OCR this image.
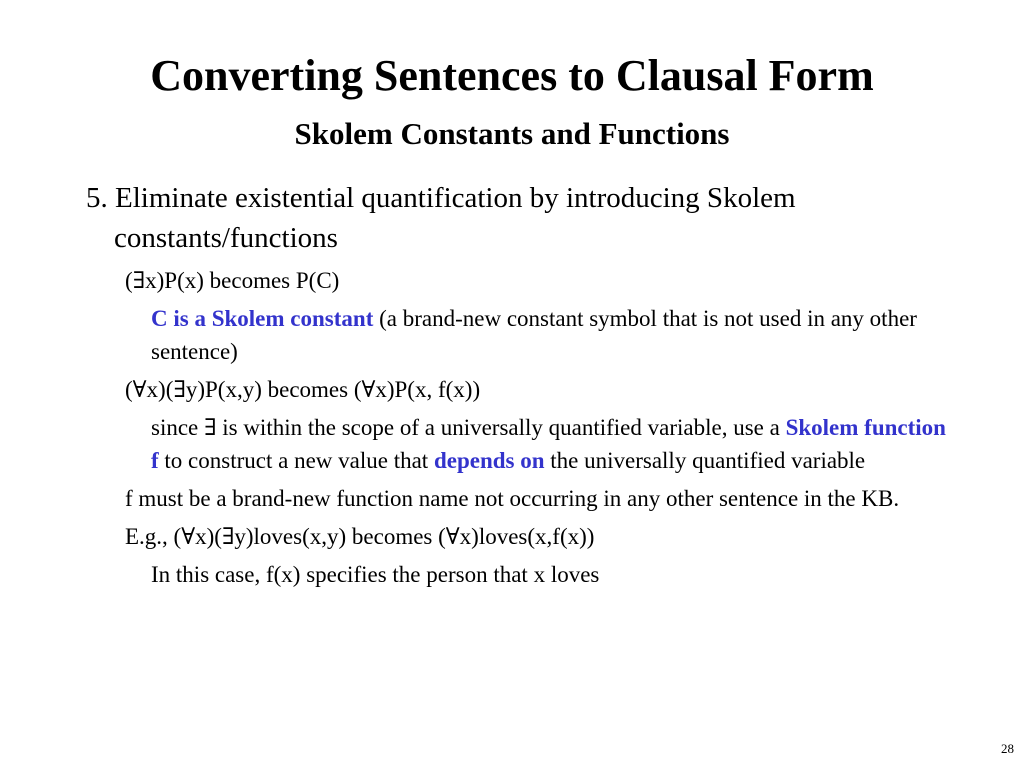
Converting Sentences to Clausal Form
Skolem Constants and Functions
5. Eliminate existential quantification by introducing Skolem constants/functions
(∃x)P(x) becomes P(C)
C is a Skolem constant (a brand-new constant symbol that is not used in any other sentence)
(∀x)(∃y)P(x,y) becomes (∀x)P(x, f(x))
since ∃ is within the scope of a universally quantified variable, use a Skolem function f to construct a new value that depends on the universally quantified variable
f must be a brand-new function name not occurring in any other sentence in the KB.
E.g., (∀x)(∃y)loves(x,y) becomes (∀x)loves(x,f(x))
In this case, f(x) specifies the person that x loves
28
